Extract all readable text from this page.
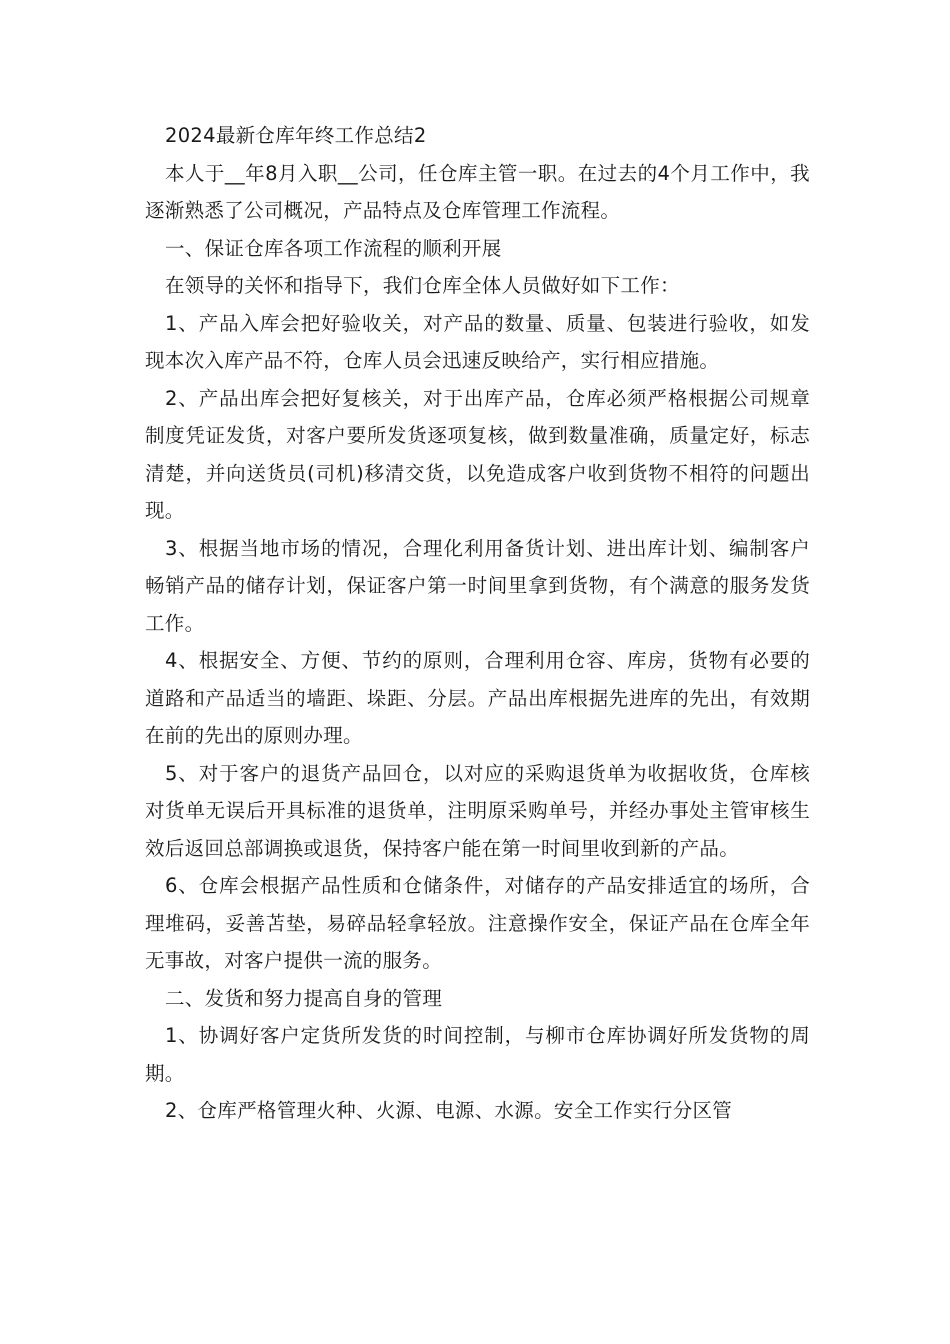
2024最新仓库年终工作总结2

本人于__年8月入职__公司，任仓库主管一职。在过去的4个月工作中，我逐渐熟悉了公司概况，产品特点及仓库管理工作流程。

一、保证仓库各项工作流程的顺利开展

在领导的关怀和指导下，我们仓库全体人员做好如下工作：

1、产品入库会把好验收关，对产品的数量、质量、包装进行验收，如发现本次入库产品不符，仓库人员会迅速反映给产，实行相应措施。

2、产品出库会把好复核关，对于出库产品，仓库必须严格根据公司规章制度凭证发货，对客户要所发货逐项复核，做到数量准确，质量定好，标志清楚，并向送货员(司机)移清交货，以免造成客户收到货物不相符的问题出现。

3、根据当地市场的情况，合理化利用备货计划、进出库计划、编制客户畅销产品的储存计划，保证客户第一时间里拿到货物，有个满意的服务发货工作。

4、根据安全、方便、节约的原则，合理利用仓容、库房，货物有必要的道路和产品适当的墙距、垛距、分层。产品出库根据先进库的先出，有效期在前的先出的原则办理。

5、对于客户的退货产品回仓，以对应的采购退货单为收据收货，仓库核对货单无误后开具标准的退货单，注明原采购单号，并经办事处主管审核生效后返回总部调换或退货，保持客户能在第一时间里收到新的产品。

6、仓库会根据产品性质和仓储条件，对储存的产品安排适宜的场所，合理堆码，妥善苫垫，易碎品轻拿轻放。注意操作安全，保证产品在仓库全年无事故，对客户提供一流的服务。

二、发货和努力提高自身的管理

1、协调好客户定货所发货的时间控制，与柳市仓库协调好所发货物的周期。

2、仓库严格管理火种、火源、电源、水源。安全工作实行分区管
